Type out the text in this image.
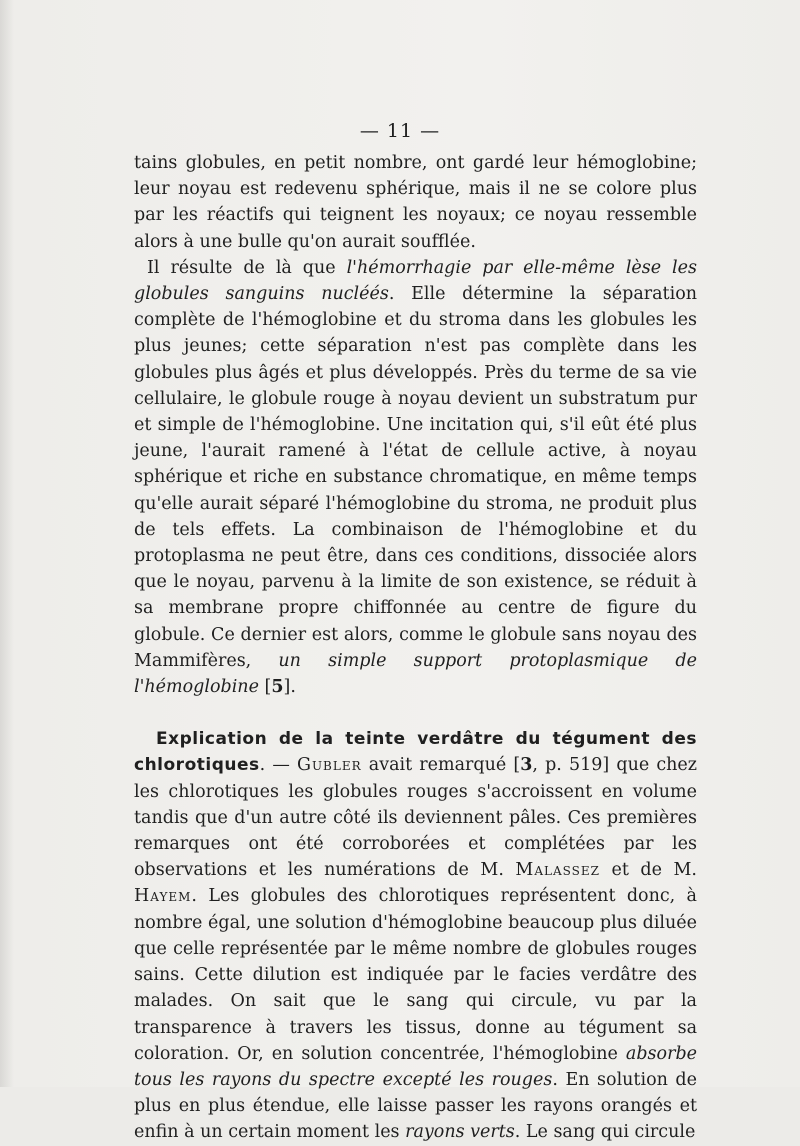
— 11 —

tains globules, en petit nombre, ont gardé leur hémoglobine; leur noyau est redevenu sphérique, mais il ne se colore plus par les réactifs qui teignent les noyaux; ce noyau ressemble alors à une bulle qu'on aurait soufflée.

Il résulte de là que l'hémorrhagie par elle-même lèse les globules sanguins nucléés. Elle détermine la séparation complète de l'hémoglobine et du stroma dans les globules les plus jeunes; cette séparation n'est pas complète dans les globules plus âgés et plus développés. Près du terme de sa vie cellulaire, le globule rouge à noyau devient un substratum pur et simple de l'hémoglobine. Une incitation qui, s'il eût été plus jeune, l'aurait ramené à l'état de cellule active, à noyau sphérique et riche en substance chromatique, en même temps qu'elle aurait séparé l'hémoglobine du stroma, ne produit plus de tels effets. La combinaison de l'hémoglobine et du protoplasma ne peut être, dans ces conditions, dissociée alors que le noyau, parvenu à la limite de son existence, se réduit à sa membrane propre chiffonnée au centre de figure du globule. Ce dernier est alors, comme le globule sans noyau des Mammifères, un simple support protoplasmique de l'hémoglobine [5].

Explication de la teinte verdâtre du tégument des chlorotiques. — Gubler avait remarqué [3, p. 519] que chez les chlorotiques les globules rouges s'accroissent en volume tandis que d'un autre côté ils deviennent pâles. Ces premières remarques ont été corroborées et complétées par les observations et les numérations de M. Malassez et de M. Hayem. Les globules des chlorotiques représentent donc, à nombre égal, une solution d'hémoglobine beaucoup plus diluée que celle représentée par le même nombre de globules rouges sains. Cette dilution est indiquée par le facies verdâtre des malades. On sait que le sang qui circule, vu par la transparence à travers les tissus, donne au tégument sa coloration. Or, en solution concentrée, l'hémoglobine absorbe tous les rayons du spectre excepté les rouges. En solution de plus en plus étendue, elle laisse passer les rayons orangés et enfin à un certain moment les rayons verts. Le sang qui circule
